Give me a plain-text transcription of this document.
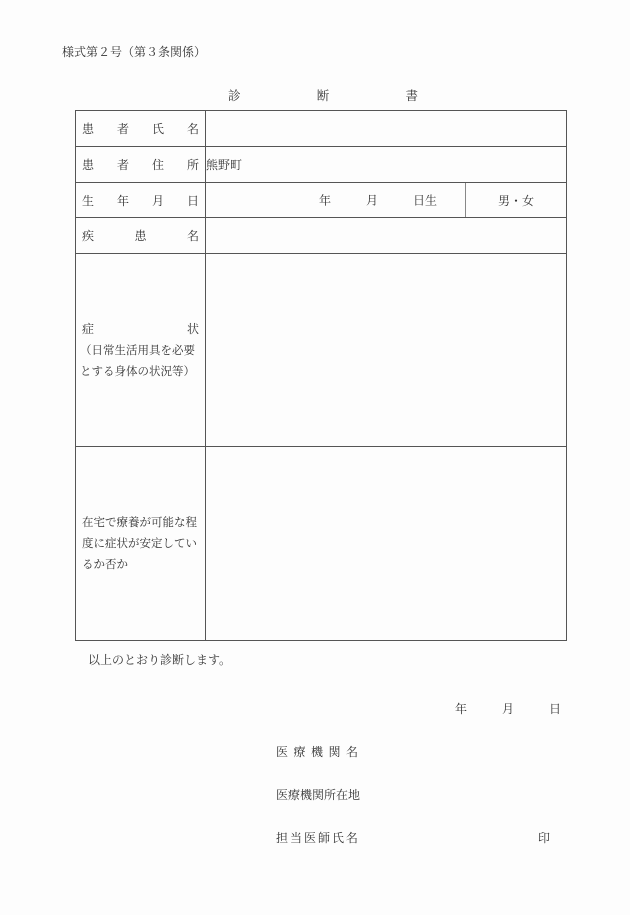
様式第２号（第３条関係）
診	断	書
患 者 氏 名	

患 者 住 所	熊野町

生 年 月 日	年	月	日生	男・女

疾 患 名	

症 状
（日常生活用具を必要
とする身体の状況等）	

在宅で療養が可能な程
度に症状が安定してい
るか否か	

以上のとおり診断します。
年	月	日
医 療 機 関 名
医療機関所在地
担 当 医 師 氏 名	印
